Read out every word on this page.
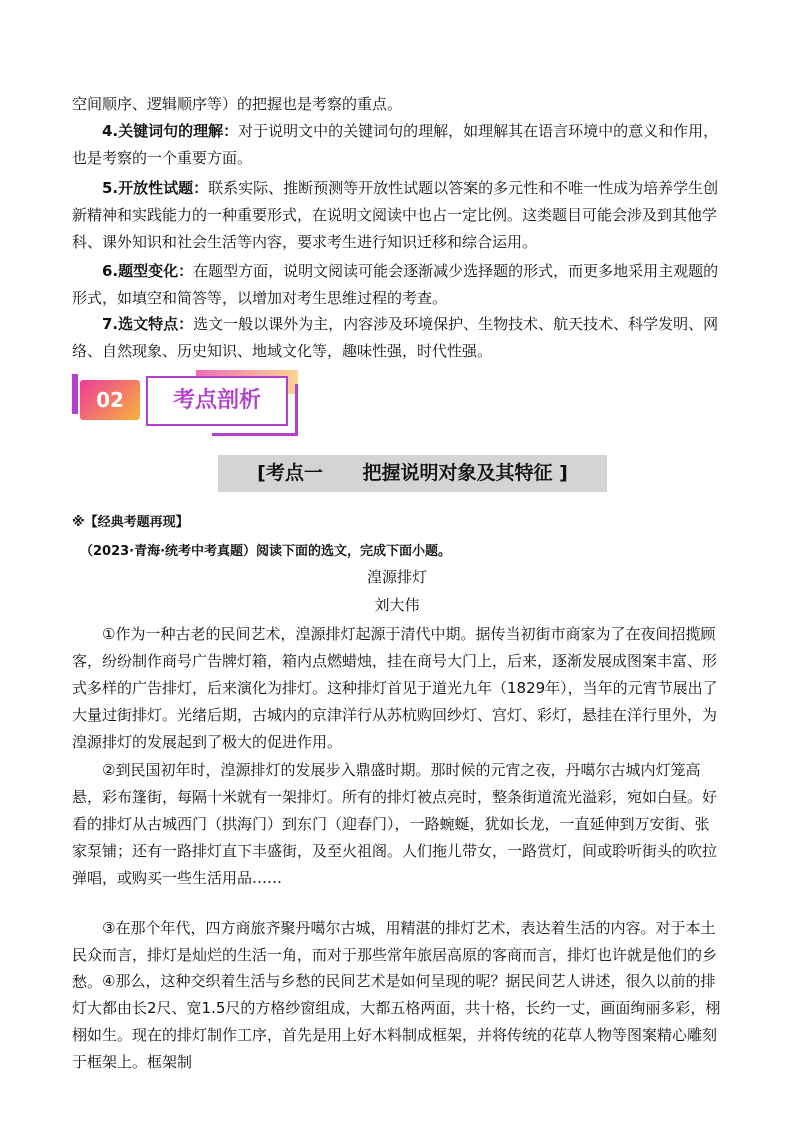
空间顺序、逻辑顺序等）的把握也是考察的重点。

4.关键词句的理解：对于说明文中的关键词句的理解，如理解其在语言环境中的意义和作用，也是考察的一个重要方面。

5.开放性试题：联系实际、推断预测等开放性试题以答案的多元性和不唯一性成为培养学生创新精神和实践能力的一种重要形式，在说明文阅读中也占一定比例。这类题目可能会涉及到其他学科、课外知识和社会生活等内容，要求考生进行知识迁移和综合运用。

6.题型变化：在题型方面，说明文阅读可能会逐渐减少选择题的形式，而更多地采用主观题的形式，如填空和简答等，以增加对考生思维过程的考查。

7.选文特点：选文一般以课外为主，内容涉及环境保护、生物技术、航天技术、科学发明、网络、自然现象、历史知识、地域文化等，趣味性强，时代性强。

02	考点剖析
[考点一      把握说明对象及其特征 ]

※【经典考题再现】

（2023·青海·统考中考真题）阅读下面的选文，完成下面小题。

湟源排灯

刘大伟

①作为一种古老的民间艺术，湟源排灯起源于清代中期。据传当初街市商家为了在夜间招揽顾客，纷纷制作商号广告牌灯箱，箱内点燃蜡烛，挂在商号大门上，后来，逐渐发展成图案丰富、形式多样的广告排灯，后来演化为排灯。这种排灯首见于道光九年（1829年），当年的元宵节展出了大量过街排灯。光绪后期，古城内的京津洋行从苏杭购回纱灯、宫灯、彩灯，悬挂在洋行里外，为湟源排灯的发展起到了极大的促进作用。

②到民国初年时，湟源排灯的发展步入鼎盛时期。那时候的元宵之夜，丹噶尔古城内灯笼高悬，彩布篷街，每隔十米就有一架排灯。所有的排灯被点亮时，整条街道流光溢彩，宛如白昼。好看的排灯从古城西门（拱海门）到东门（迎春门），一路蜿蜒，犹如长龙，一直延伸到万安街、张家泵铺；还有一路排灯直下丰盛街，及至火祖阁。人们拖儿带女，一路赏灯，间或聆听街头的吹拉弹唱，或购买一些生活用品……

③在那个年代，四方商旅齐聚丹噶尔古城，用精湛的排灯艺术，表达着生活的内容。对于本土民众而言，排灯是灿烂的生活一角，而对于那些常年旅居高原的客商而言，排灯也许就是他们的乡愁。 ④那么，这种交织着生活与乡愁的民间艺术是如何呈现的呢？据民间艺人讲述，很久以前的排灯大都由长2尺、宽1.5尺的方格纱窗组成，大都五格两面，共十格，长约一丈，画面绚丽多彩，栩栩如生。现在的排灯制作工序，首先是用上好木料制成框架，并将传统的花草人物等图案精心雕刻于框架上。框架制
